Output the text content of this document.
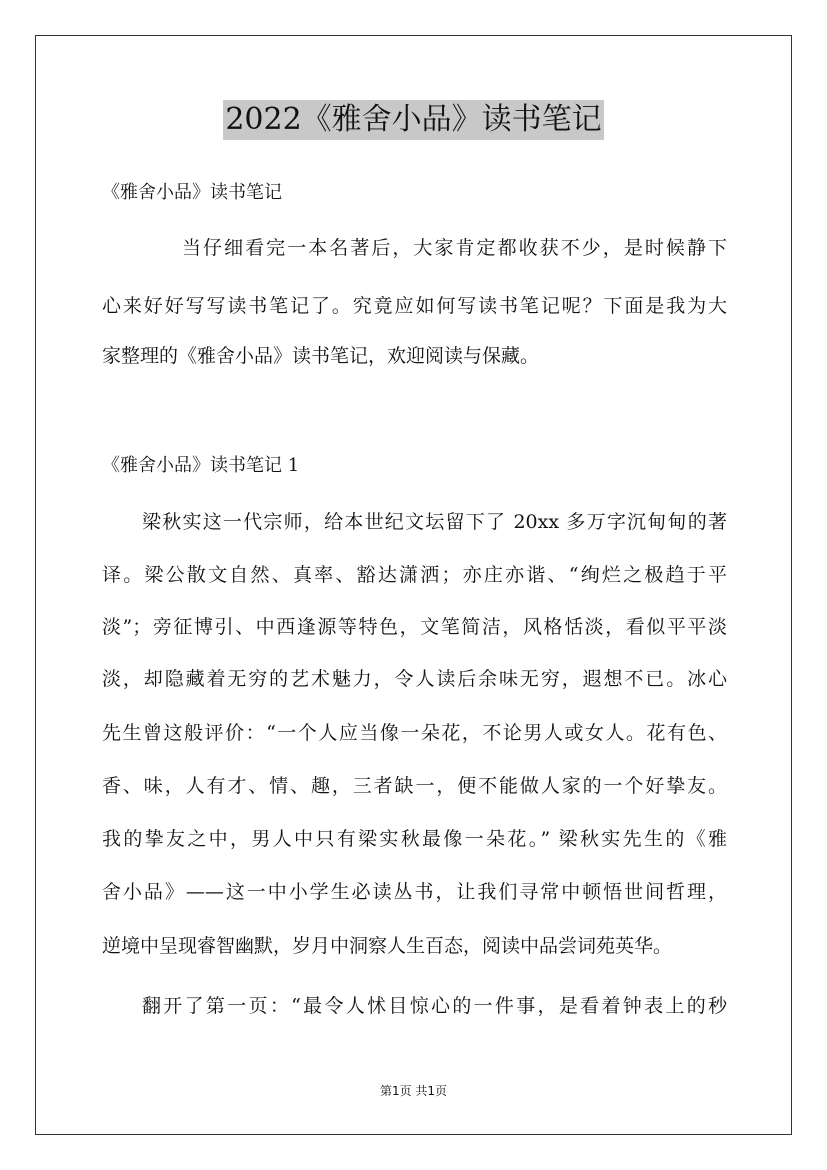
2022《雅舍小品》读书笔记
《雅舍小品》读书笔记
当仔细看完一本名著后，大家肯定都收获不少，是时候静下
心来好好写写读书笔记了。究竟应如何写读书笔记呢？下面是我为大
家整理的《雅舍小品》读书笔记，欢迎阅读与保藏。
《雅舍小品》读书笔记 1
梁秋实这一代宗师，给本世纪文坛留下了 20xx 多万字沉甸甸的著
译。梁公散文自然、真率、豁达潇洒；亦庄亦谐、“绚烂之极趋于平
淡”；旁征博引、中西逢源等特色，文笔简洁，风格恬淡，看似平平淡
淡，却隐藏着无穷的艺术魅力，令人读后余味无穷，遐想不已。冰心
先生曾这般评价：“一个人应当像一朵花，不论男人或女人。花有色、
香、味，人有才、情、趣，三者缺一，便不能做人家的一个好挚友。
我的挚友之中，男人中只有梁实秋最像一朵花。” 梁秋实先生的《雅
舍小品》——这一中小学生必读丛书，让我们寻常中顿悟世间哲理，
逆境中呈现睿智幽默，岁月中洞察人生百态，阅读中品尝词苑英华。
翻开了第一页：“最令人怵目惊心的一件事，是看着钟表上的秒
第1页 共1页
